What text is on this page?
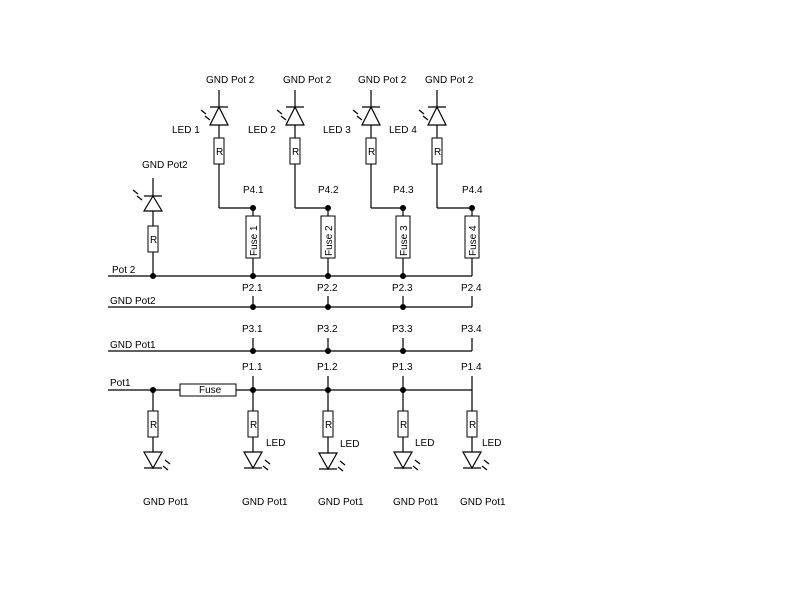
Pot 2
GND Pot2
GND Pot1
Pot1
Fuse
GND Pot2
R
GND Pot 2
LED 1
R
P4.1
Fuse 1
P2.1
P3.1
P1.1
R
LED
GND Pot1
GND Pot 2
LED 2
R
P4.2
Fuse 2
P2.2
P3.2
P1.2
R
LED
GND Pot1
GND Pot 2
LED 3
R
P4.3
Fuse 3
P2.3
P3.3
P1.3
R
LED
GND Pot1
GND Pot 2
LED 4
R
P4.4
Fuse 4
P2.4
P3.4
P1.4
R
LED
GND Pot1
R
GND Pot1
